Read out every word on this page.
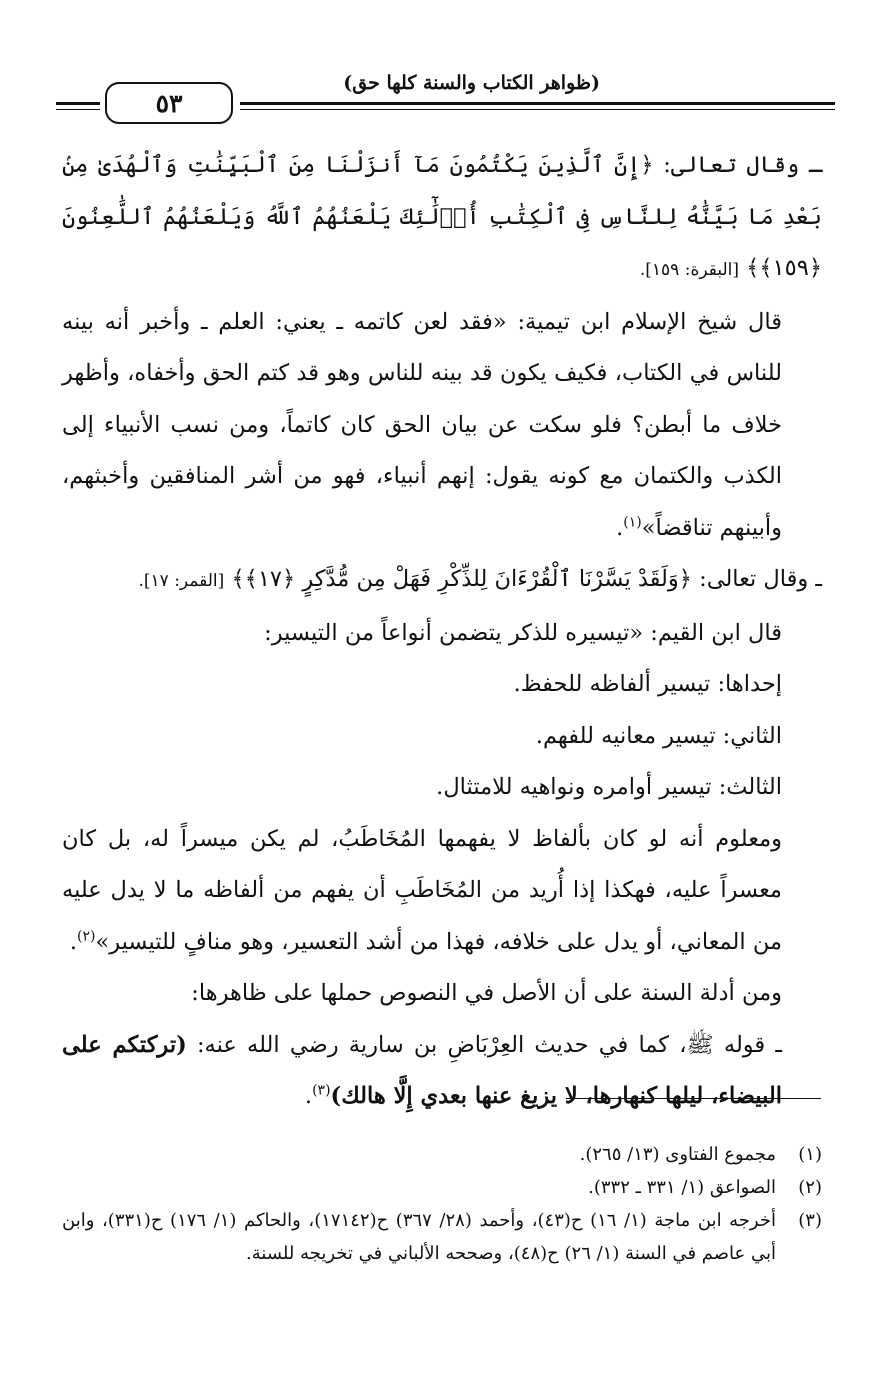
٥٣
(ظواهر الكتاب والسنة كلها حق)

ـ وقال تعالى: ﴿إِنَّ ٱلَّذِينَ يَكْتُمُونَ مَآ أَنزَلْنَا مِنَ ٱلْبَيِّنَٰتِ وَٱلْهُدَىٰ مِنۢ بَعْدِ مَا بَيَّنَّٰهُ لِلنَّاسِ فِى ٱلْكِتَٰبِ أُو۟لَٰٓئِكَ يَلْعَنُهُمُ ٱللَّهُ وَيَلْعَنُهُمُ ٱللَّٰعِنُونَ ﴿١٥٩﴾﴾ [البقرة: ١٥٩].

قال شيخ الإسلام ابن تيمية: «فقد لعن كاتمه ـ يعني: العلم ـ وأخبر أنه بينه للناس في الكتاب، فكيف يكون قد بينه للناس وهو قد كتم الحق وأخفاه، وأظهر خلاف ما أبطن؟ فلو سكت عن بيان الحق كان كاتماً، ومن نسب الأنبياء إلى الكذب والكتمان مع كونه يقول: إنهم أنبياء، فهو من أشر المنافقين وأخبثهم، وأبينهم تناقضاً»$^{(١)}$.

ـ وقال تعالى: ﴿وَلَقَدْ يَسَّرْنَا ٱلْقُرْءَانَ لِلذِّكْرِ فَهَلْ مِن مُّدَّكِرٍ ﴿١٧﴾﴾ [القمر: ١٧].

قال ابن القيم: «تيسيره للذكر يتضمن أنواعاً من التيسير:

إحداها: تيسير ألفاظه للحفظ.

الثاني: تيسير معانيه للفهم.

الثالث: تيسير أوامره ونواهيه للامتثال.

ومعلوم أنه لو كان بألفاظ لا يفهمها المُخَاطَبُ، لم يكن ميسراً له، بل كان معسراً عليه، فهكذا إذا أُريد من المُخَاطَبِ أن يفهم من ألفاظه ما لا يدل عليه من المعاني، أو يدل على خلافه، فهذا من أشد التعسير، وهو منافٍ للتيسير»$^{(٢)}$.

ومن أدلة السنة على أن الأصل في النصوص حملها على ظاهرها:

ـ قوله ﷺ، كما في حديث العِرْبَاضِ بن سارية رضي الله عنه: (تركتكم على البيضاء، ليلها كنهارها، لا يزيغ عنها بعدي إِلَّا هالك)$^{(٣)}$.

(١)
مجموع الفتاوى (١٣/ ٢٦٥).
(٢)
الصواعق (١/ ٣٣١ ـ ٣٣٢).
(٣)
أخرجه ابن ماجة (١/ ١٦) ح(٤٣)، وأحمد (٢٨/ ٣٦٧) ح(١٧١٤٢)، والحاكم (١/ ١٧٦) ح(٣٣١)، وابن أبي عاصم في السنة (١/ ٢٦) ح(٤٨)، وصححه الألباني في تخريجه للسنة.
